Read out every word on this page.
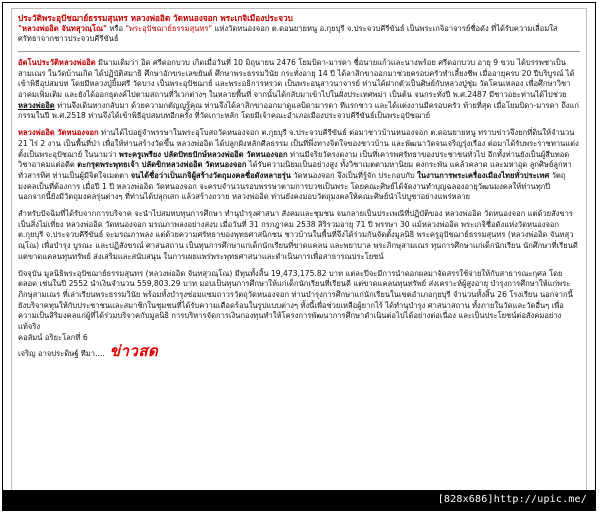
ประวัติพระอุปัชฌาย์ธรรมสุนทร หลวงพ่ออิด วัดหนองจอก พระเกจิเมืองประจวบ

"หลวงพ่ออิด จันทสุวณฺโณ" หรือ "พระอุปัชฌาย์ธรรมสุนทร" แห่งวัดหนองจอก ต.ดอนยายหนู อ.กุยบุรี จ.ประจวบคีรีขันธ์ เป็นพระเกจิอาจารย์ชื่อดัง ที่ได้รับความเลื่อมใสศรัทธาจากชาวประจวบคีรีขันธ์

อัตโนประวัติหลวงพ่ออิด มีนามเดิมว่า อิด ศรีดอกบวบ เกิดเมื่อวันที่ 10 มิถุนายน 2476 โยมบิดา-มารดา ชื่อนายแก้วและนางพร้อย ศรีดอกบวบ อายุ 9 ขวบ ได้บรรพชาเป็นสามเณร ในวัดบ้านเกิด ได้ปฏิบัติสมาธิ ศึกษาอักขระเลขยันต์ ศึกษาพระธรรมวินัย กระทั่งอายุ 14 ปี ได้ลาสิกขาออกมาช่วยครอบครัวทำเลี้ยงชีพ เมื่ออายุครบ 20 ปีบริบูรณ์ ได้เข้าพิธีอุปสมบท โดยมีหลวงปู่ยิ้มศรี วัดบาง เป็นพระอุปัชฌาย์ และพระอธิการหรวด เป็นพระอนุสาวนาจารย์ ท่านได้ฝากตัวเป็นศิษย์กับหลวงปู่ชุ่ม วัดโคนเหลอง เพื่อศึกษาวิชาอาคมเพิ่มเติม และยังได้ออกธุดงค์ไปตามสถานที่วิเวกต่างๆ ในหลายพื้นที่ จากนั้นได้กลับมาเข้าไปในฝั่งประเทศพม่า เป็นต้น จนกระทั่งปี พ.ศ.2487 มีชาวอยะท่านได้ไปช่วย หลวงพ่ออิด ท่านจึงเดินทางกลับมา ด้วยความกตัญญูรู้คุณ ท่านจึงได้ลาสิกขาออกมาดูแลบิดามารดา ทีแรกชาว และได้แต่งงานมีครอบครัว ท้ายที่สุด เมื่อโยมบิดา-มารดา ถึงแก่กรรมในปี พ.ศ.2518 ท่านจึงได้เข้าพิธีอุปสมบทอีกครั้ง ที่วัดเกาะหลัก โดยมีเจ้าคณะอำเภอเมืองประจวบคีรีขันธ์เป็นพระอุปัชฌาย์

หลวงพ่ออิด วัดหนองจอก ท่านได้ไปอยู่จำพรรษาในพระอุโบสถวัดหนองจอก ต.กุยบุรี จ.ประจวบคีรีขันธ์ ต่อมาชาวบ้านหนองจอก ต.ดอนยายหนู ทราบข่าวจึงยกที่ดินให้จำนวน 21 ไร่ 2 งาน เป็นพื้นที่ป่า เพื่อให้ท่านสร้างวัดขึ้น หลวงพ่ออิด ได้ปลูกฝังหลักศีลธรรม เป็นที่พึ่งทางจิตใจของชาวบ้าน และพัฒนาวัดจนเจริญรุ่งเรือง ต่อมาได้รับพระราชทานแต่งตั้งเป็นพระอุปัชฌาย์ ในนามว่า พระครูเพรียง ปลัดปัทธปักษ์หลวงพ่ออิด วัดหนองจอก ท่านมีจริยวัตรงดงาม เป็นที่เคารพศรัทธาของประชาชนทั่วไป อีกทั้งท่านยังเป็นผู้สืบทอดวิชาอาคมแต่อดีต ตะกรุดพระพุทธเจ้า ปลัดขิกหลวงพ่ออิด วัดหนองจอก ได้รับความนิยมเป็นอย่างสูง ทั้งวิชาเมตตามหานิยม คงกระพัน แคล้วคลาด และมหาอุด ลูกศิษย์ลูกหาทั่วสารทิศ ท่านเป็นผู้มีจิตใจเมตตา จนได้ชื่อว่าเป็นเกจิผู้สร้างวัตถุมงคลชื่อดังหลายรุ่น วัดหนองจอก จึงเป็นที่รู้จัก ประกอบกับ ในงานการพระเครื่องเมืองไทยทั่วประเทศ วัตถุมงคลเป็นที่ต้องการ เมื่อปี 1 ปี หลวงพ่ออิด วัดหนองจอก จะครบจำนวนรอบพรรษาตามการบวชเป็นพระ โดยคณะศิษย์ได้จัดงานทำบุญฉลองอายุวัฒนมงคลให้ท่านทุกปี นอกจากนี้ยังมีวัตถุมงคลรุ่นต่างๆ ที่ท่านได้ปลุกเสก แล้วสร้างถวาย หลวงพ่ออิด ท่านยังคงมอบวัตถุมงคลให้คณะศิษย์นำไปบูชาอย่างแพร่หลาย

สำหรับปัจฉิมที่ได้รับจากการบริจาค จะนำไปสมทบทุนการศึกษา ทำนุบำรุงศาสนา สังคมและชุมชน จนกลายเป็นประเพณีที่ปฏิบัติของ หลวงพ่ออิด วัดหนองจอก แต่ด้วยสังขารเป็นสิ่งไม่เที่ยง หลวงพ่ออิด วัดหนองจอก มรณภาพลงอย่างสงบ เมื่อวันที่ 31 กรกฎาคม 2538 สิริรวมอายุ 71 ปี พรรษา 30 แม้หลวงพ่ออิด พระเกจิชื่อดังแห่งวัดหนองจอก ต.กุยบุรี จ.ประจวบคีรีขันธ์ จะมรณภาพลง แต่ด้วยความศรัทธาของพุทธศาสนิกชน ชาวบ้านในพื้นที่จึงได้ร่วมกันจัดตั้งมูลนิธิ พระครูอุปัชฌาย์ธรรมสุนทร (หลวงพ่ออิด จันทสุวณฺโณ) เพื่อบำรุง บูรณะ และปฏิสังขรณ์ ศาสนสถาน เป็นทุนการศึกษาแก่เด็กนักเรียนที่ขาดแคลน และพยาบาล พระภิกษุสามเณร ทุนการศึกษาแก่เด็กนักเรียน นักศึกษาที่เรียนดี แต่ขาดแคลนทุนทรัพย์ ส่งเสริมและสนับสนุน ในการเผยแพร่พระพุทธศาสนาและดำเนินการเพื่อสาธารณประโยชน์

ปัจจุบัน มูลนิธิพระอุปัชฌาย์ธรรมสุนทร (หลวงพ่ออิด จันทสุวณฺโณ) มีทุนทั้งสิ้น 19,473,175.82 บาท แต่ละปีจะมีการนำดอกผลมาจัดสรรใช้จ่ายให้กับสาธารณะกุศล โดยตลอด เช่นในปี 2552 นำเงินจำนวน 559,803.29 บาท มอบเป็นทุนการศึกษาให้แก่เด็กนักเรียนที่เรียนดี แต่ขาดแคลนทุนทรัพย์ ส่งเคราะห์ผู้สูงอายุ บำรุงการศึกษาให้แก่พระภิกษุสามเณร ที่เล่าเรียนพระธรรมวินัย พร้อมทั้งบำรุงซ่อมแซมถาวรวัตถุวัดหนองจอก ท่านบำรุงการศึกษาแก่นักเรียนในเขตอำเภอกุยบุรี จำนวนทั้งสิ้น 26 โรงเรียน นอกจากนี้ ยังบริจาคทุนให้กับประชาชนและสมาชิกในชุมชนที่ได้รับความเดือดร้อนในรูปแบบต่างๆ ทั้งนี้เพื่อช่วยเหลือผู้ยากไร้ ได้ทำนุบำรุง ศาสนาสถาน ทั้งภายในวัดและวัดอื่นๆ เพื่อความเป็นสิริมงคลแก่ผู้ที่ได้ร่วมบริจาคกับมูลนิธิ การบริหารจัดการเงินกองทุนทำให้โครงการพัฒนาการศึกษาดำเนินต่อไปได้อย่างต่อเนื่อง และเป็นประโยชน์ต่อสังคมอย่างแท้จริง

คอลัมน์ อริยะโลกที่ 6

เจริญ อาจประดิษฐ์ ทีมา.... ข่าวสด

[828x686]http://upic.me/
